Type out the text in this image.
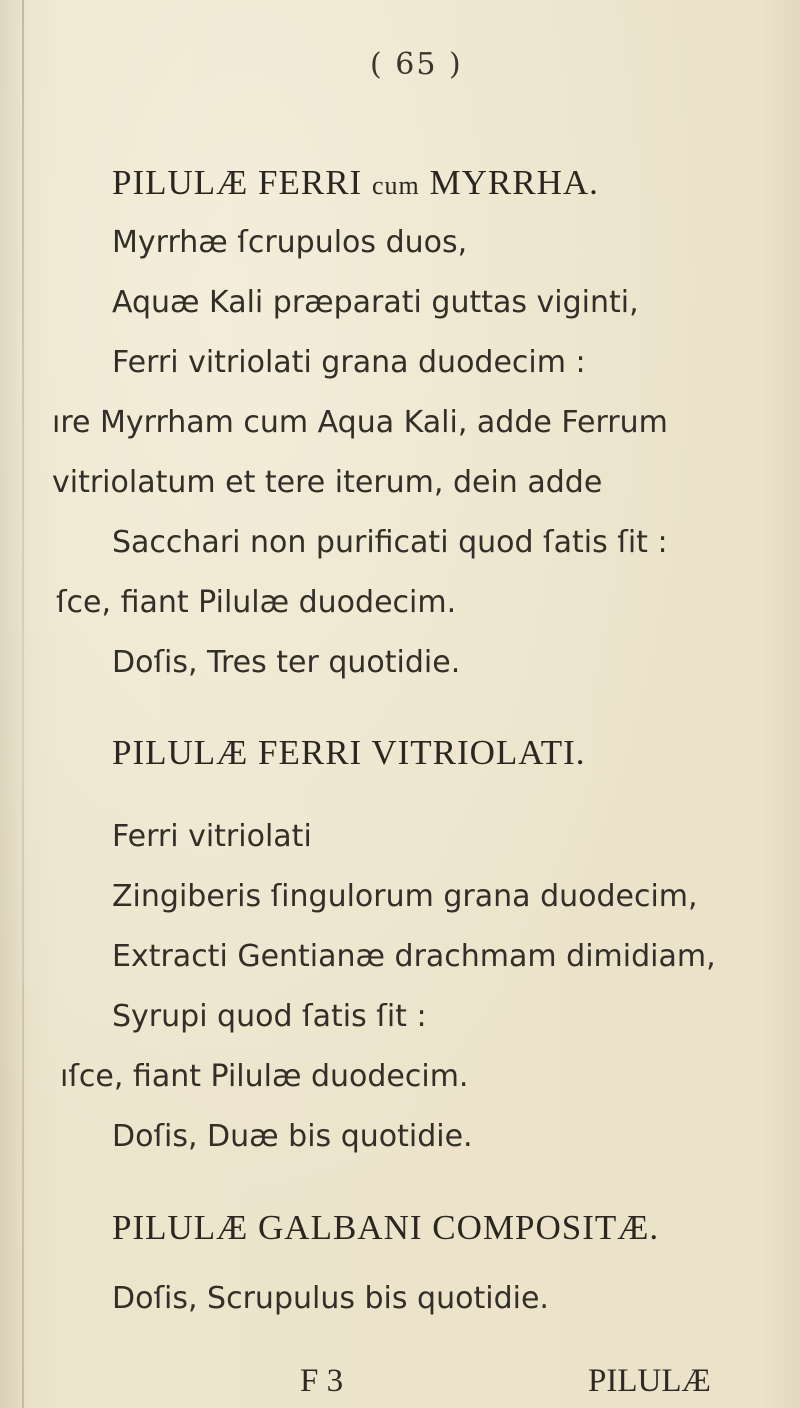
( 65 )

PILULÆ FERRI cum MYRRHA.

Myrrhæ ſcrupulos duos,

Aquæ Kali præparati guttas viginti,

Ferri vitriolati grana duodecim :

ıre Myrrham cum Aqua Kali, adde Ferrum

vitriolatum et tere iterum, dein adde

Sacchari non purificati quod ſatis ſit :

ſce, fiant Pilulæ duodecim.

Doſis, Tres ter quotidie.

PILULÆ FERRI VITRIOLATI.

Ferri vitriolati

Zingiberis ſingulorum grana duodecim,

Extracti Gentianæ drachmam dimidiam,

Syrupi quod ſatis ſit :

ıſce, fiant Pilulæ duodecim.

Doſis, Duæ bis quotidie.

PILULÆ GALBANI COMPOSITÆ.

Doſis, Scrupulus bis quotidie.

F 3	PILULÆ
